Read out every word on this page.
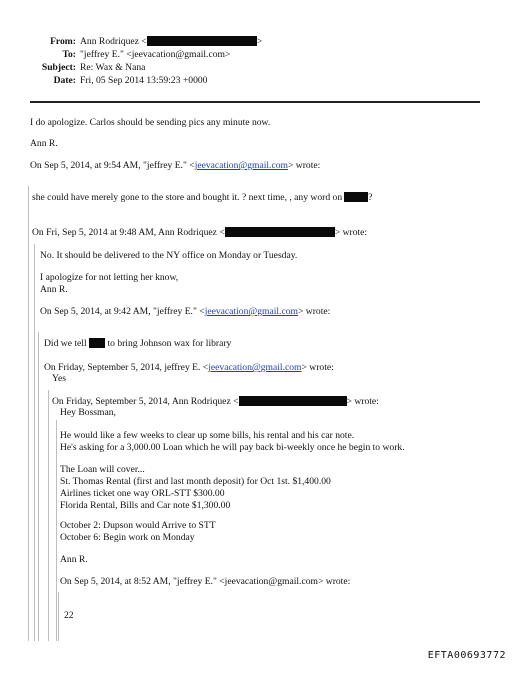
From: Ann Rodriquez <	>
To: "jeffrey E." <jeevacation@gmail.com>
Subject: Re: Wax & Nana
Date: Fri, 05 Sep 2014 13:59:23 +0000
I do apologize. Carlos should be sending pics any minute now.
Ann R.
On Sep 5, 2014, at 9:54 AM, "jeffrey E." <jeevacation@gmail.com> wrote:
she could have merely gone to the store and bought it. ? next time, , any word on	?
On Fri, Sep 5, 2014 at 9:48 AM, Ann Rodriquez <	> wrote:
No. It should be delivered to the NY office on Monday or Tuesday.
I apologize for not letting her know,
Ann R.
On Sep 5, 2014, at 9:42 AM, "jeffrey E." <jeevacation@gmail.com> wrote:
Did we tell to bring Johnson wax for library
On Friday, September 5, 2014, jeffrey E. <jeevacation@gmail.com> wrote:
Yes
On Friday, September 5, 2014, Ann Rodriquez <	> wrote:
Hey Bossman,
He would like a few weeks to clear up some bills, his rental and his car note.
He's asking for a 3,000.00 Loan which he will pay back bi-weekly once he begin to work.
The Loan will cover...
St. Thomas Rental (first and last month deposit) for Oct 1st. $1,400.00
Airlines ticket one way ORL-STT $300.00
Florida Rental, Bills and Car note $1,300.00
October 2: Dupson would Arrive to STT
October 6: Begin work on Monday
Ann R.
On Sep 5, 2014, at 8:52 AM, "jeffrey E." <jeevacation@gmail.com> wrote:
22
EFTA00693772
